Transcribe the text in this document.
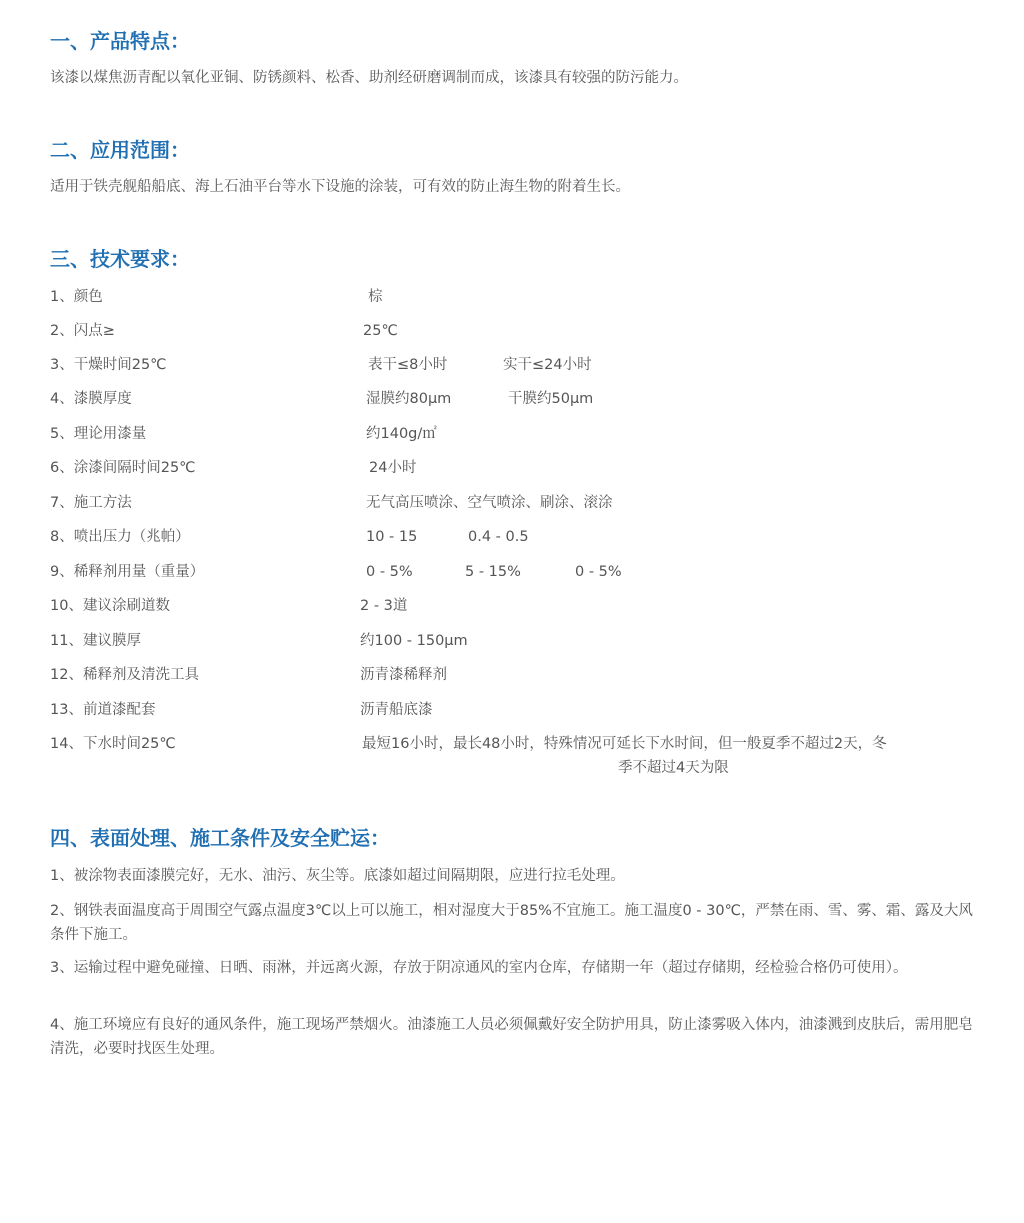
一、产品特点：

该漆以煤焦沥青配以氧化亚铜、防锈颜料、松香、助剂经研磨调制而成，该漆具有较强的防污能力。

二、应用范围：

适用于铁壳舰船船底、海上石油平台等水下设施的涂装，可有效的防止海生物的附着生长。

三、技术要求：
1、颜色	棕
2、闪点≥	25℃
3、干燥时间25℃	表干≤8小时	实干≤24小时
4、漆膜厚度	湿膜约80μm	干膜约50μm
5、理论用漆量	约140g/㎡
6、涂漆间隔时间25℃	24小时
7、施工方法	无气高压喷涂、空气喷涂、刷涂、滚涂
8、喷出压力（兆帕）	10 - 15	0.4 - 0.5
9、稀释剂用量（重量）	0 - 5%	5 - 15%	0 - 5%
10、建议涂刷道数	2 - 3道
11、建议膜厚	约100 - 150μm
12、稀释剂及清洗工具	沥青漆稀释剂
13、前道漆配套	沥青船底漆
14、下水时间25℃	最短16小时，最长48小时，特殊情况可延长下水时间，但一般夏季不超过2天，冬
季不超过4天为限
四、表面处理、施工条件及安全贮运：

1、被涂物表面漆膜完好，无水、油污、灰尘等。底漆如超过间隔期限，应进行拉毛处理。

2、钢铁表面温度高于周围空气露点温度3℃以上可以施工，相对湿度大于85%不宜施工。施工温度0 - 30℃，严禁在雨、雪、雾、霜、露及大风条件下施工。

3、运输过程中避免碰撞、日晒、雨淋，并远离火源，存放于阴凉通风的室内仓库，存储期一年（超过存储期，经检验合格仍可使用）。

4、施工环境应有良好的通风条件，施工现场严禁烟火。油漆施工人员必须佩戴好安全防护用具，防止漆雾吸入体内，油漆溅到皮肤后，需用肥皂清洗，必要时找医生处理。
